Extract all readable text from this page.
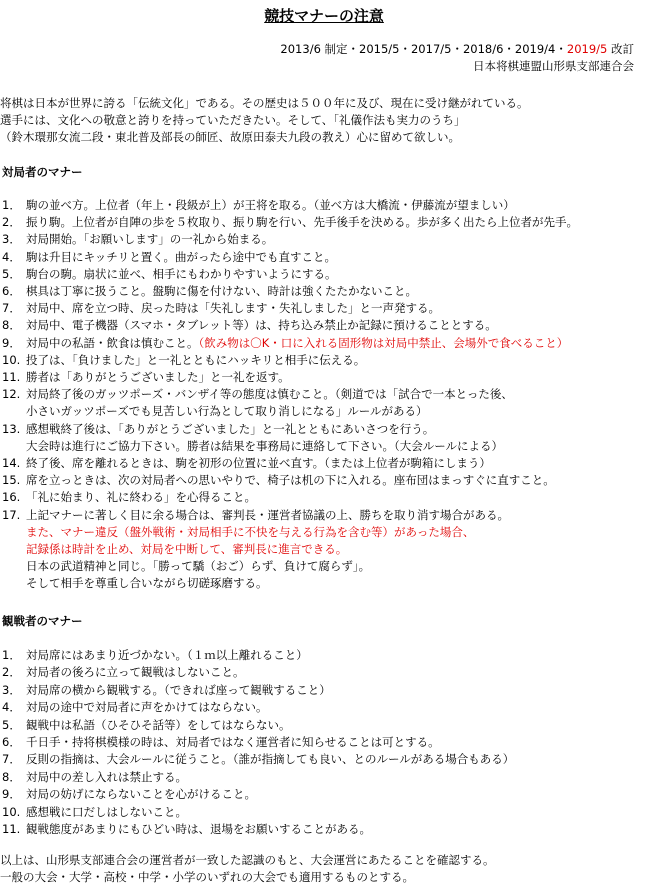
競技マナーの注意
2013/6 制定・2015/5・2017/5・2018/6・2019/4・2019/5 改訂
日本将棋連盟山形県支部連合会
将棋は日本が世界に誇る「伝統文化」である。その歴史は５００年に及び、現在に受け継がれている。
選手には、文化への敬意と誇りを持っていただきたい。そして、「礼儀作法も実力のうち」
（鈴木環那女流二段・東北普及部長の師匠、故原田泰夫九段の教え）心に留めて欲しい。
対局者のマナー
1． 駒の並べ方。上位者（年上・段級が上）が王将を取る。（並べ方は大橋流・伊藤流が望ましい）
2． 振り駒。上位者が自陣の歩を５枚取り、振り駒を行い、先手後手を決める。歩が多く出たら上位者が先手。
3． 対局開始。「お願いします」の一礼から始まる。
4． 駒は升目にキッチリと置く。曲がったら途中でも直すこと。
5． 駒台の駒。扇状に並べ、相手にもわかりやすいようにする。
6． 棋具は丁寧に扱うこと。盤駒に傷を付けない、時計は強くたたかないこと。
7． 対局中、席を立つ時、戻った時は「失礼します・失礼しました」と一声発する。
8． 対局中、電子機器（スマホ・タブレット等）は、持ち込み禁止か記録に預けることとする。
9． 対局中の私語・飲食は慎むこと。（飲み物は〇K・口に入れる固形物は対局中禁止、会場外で食べること）
10. 投了は、「負けました」と一礼とともにハッキリと相手に伝える。
11. 勝者は「ありがとうございました」と一礼を返す。
12. 対局終了後のガッツポーズ・バンザイ等の態度は慎むこと。（剣道では「試合で一本とった後、
小さいガッツポーズでも見苦しい行為として取り消しになる」ルールがある）
13. 感想戦終了後は、「ありがとうございました」と一礼とともにあいさつを行う。
大会時は進行にご協力下さい。勝者は結果を事務局に連絡して下さい。（大会ルールによる）
14. 終了後、席を離れるときは、駒を初形の位置に並べ直す。（または上位者が駒箱にしまう）
15. 席を立っときは、次の対局者への思いやりで、椅子は机の下に入れる。座布団はまっすぐに直すこと。
16. 「礼に始まり、礼に終わる」を心得ること。
17. 上記マナーに著しく目に余る場合は、審判長・運営者協議の上、勝ちを取り消す場合がある。
また、マナー違反（盤外戦術・対局相手に不快を与える行為を含む等）があった場合、
記録係は時計を止め、対局を中断して、審判長に進言できる。
日本の武道精神と同じ。「勝って驕（おご）らず、負けて腐らず」。
そして相手を尊重し合いながら切磋琢磨する。
観戦者のマナー
1． 対局席にはあまり近づかない。（１ｍ以上離れること）
2． 対局者の後ろに立って観戦はしないこと。
3． 対局席の横から観戦する。（できれば座って観戦すること）
4． 対局の途中で対局者に声をかけてはならない。
5． 観戦中は私語（ひそひそ話等）をしてはならない。
6． 千日手・持将棋模様の時は、対局者ではなく運営者に知らせることは可とする。
7． 反則の指摘は、大会ルールに従うこと。（誰が指摘しても良い、とのルールがある場合もある）
8． 対局中の差し入れは禁止する。
9． 対局の妨げにならないことを心がけること。
10. 感想戦に口だしはしないこと。
11. 観戦態度があまりにもひどい時は、退場をお願いすることがある。
以上は、山形県支部連合会の運営者が一致した認識のもと、大会運営にあたることを確認する。
一般の大会・大学・高校・中学・小学のいずれの大会でも適用するものとする。
